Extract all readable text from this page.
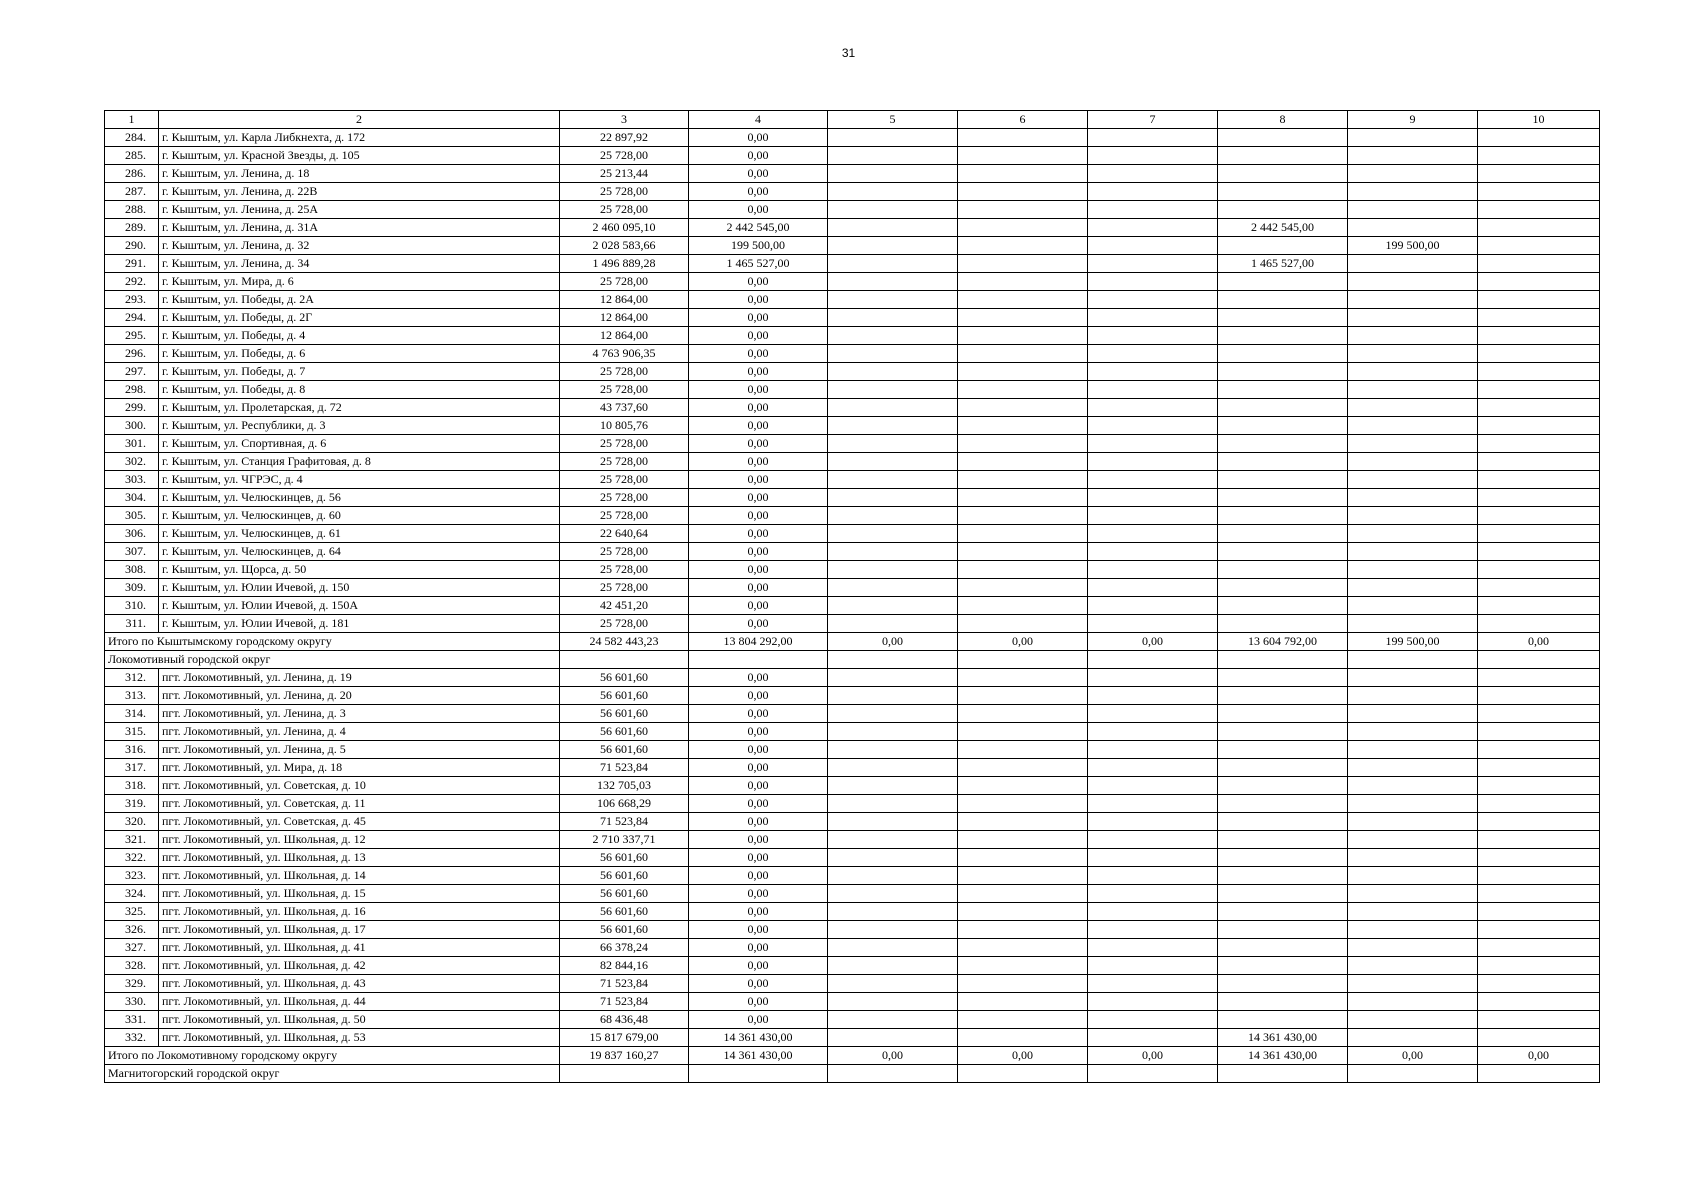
31
1	2	3	4	5	6	7	8	9	10
284.	г. Кыштым, ул. Карла Либкнехта, д. 172	22 897,92	0,00						
285.	г. Кыштым, ул. Красной Звезды, д. 105	25 728,00	0,00						
286.	г. Кыштым, ул. Ленина, д. 18	25 213,44	0,00						
287.	г. Кыштым, ул. Ленина, д. 22В	25 728,00	0,00						
288.	г. Кыштым, ул. Ленина, д. 25А	25 728,00	0,00						
289.	г. Кыштым, ул. Ленина, д. 31А	2 460 095,10	2 442 545,00				2 442 545,00		
290.	г. Кыштым, ул. Ленина, д. 32	2 028 583,66	199 500,00					199 500,00	
291.	г. Кыштым, ул. Ленина, д. 34	1 496 889,28	1 465 527,00				1 465 527,00		
292.	г. Кыштым, ул. Мира, д. 6	25 728,00	0,00						
293.	г. Кыштым, ул. Победы, д. 2А	12 864,00	0,00						
294.	г. Кыштым, ул. Победы, д. 2Г	12 864,00	0,00						
295.	г. Кыштым, ул. Победы, д. 4	12 864,00	0,00						
296.	г. Кыштым, ул. Победы, д. 6	4 763 906,35	0,00						
297.	г. Кыштым, ул. Победы, д. 7	25 728,00	0,00						
298.	г. Кыштым, ул. Победы, д. 8	25 728,00	0,00						
299.	г. Кыштым, ул. Пролетарская, д. 72	43 737,60	0,00						
300.	г. Кыштым, ул. Республики, д. 3	10 805,76	0,00						
301.	г. Кыштым, ул. Спортивная, д. 6	25 728,00	0,00						
302.	г. Кыштым, ул. Станция Графитовая, д. 8	25 728,00	0,00						
303.	г. Кыштым, ул. ЧГРЭС, д. 4	25 728,00	0,00						
304.	г. Кыштым, ул. Челюскинцев, д. 56	25 728,00	0,00						
305.	г. Кыштым, ул. Челюскинцев, д. 60	25 728,00	0,00						
306.	г. Кыштым, ул. Челюскинцев, д. 61	22 640,64	0,00						
307.	г. Кыштым, ул. Челюскинцев, д. 64	25 728,00	0,00						
308.	г. Кыштым, ул. Щорса, д. 50	25 728,00	0,00						
309.	г. Кыштым, ул. Юлии Ичевой, д. 150	25 728,00	0,00						
310.	г. Кыштым, ул. Юлии Ичевой, д. 150А	42 451,20	0,00						
311.	г. Кыштым, ул. Юлии Ичевой, д. 181	25 728,00	0,00						
Итого по Кыштымскому городскому округу		24 582 443,23	13 804 292,00	0,00	0,00	0,00	13 604 792,00	199 500,00	0,00
Локомотивный городской округ									
312.	пгт. Локомотивный, ул. Ленина, д. 19	56 601,60	0,00						
313.	пгт. Локомотивный, ул. Ленина, д. 20	56 601,60	0,00						
314.	пгт. Локомотивный, ул. Ленина, д. 3	56 601,60	0,00						
315.	пгт. Локомотивный, ул. Ленина, д. 4	56 601,60	0,00						
316.	пгт. Локомотивный, ул. Ленина, д. 5	56 601,60	0,00						
317.	пгт. Локомотивный, ул. Мира, д. 18	71 523,84	0,00						
318.	пгт. Локомотивный, ул. Советская, д. 10	132 705,03	0,00						
319.	пгт. Локомотивный, ул. Советская, д. 11	106 668,29	0,00						
320.	пгт. Локомотивный, ул. Советская, д. 45	71 523,84	0,00						
321.	пгт. Локомотивный, ул. Школьная, д. 12	2 710 337,71	0,00						
322.	пгт. Локомотивный, ул. Школьная, д. 13	56 601,60	0,00						
323.	пгт. Локомотивный, ул. Школьная, д. 14	56 601,60	0,00						
324.	пгт. Локомотивный, ул. Школьная, д. 15	56 601,60	0,00						
325.	пгт. Локомотивный, ул. Школьная, д. 16	56 601,60	0,00						
326.	пгт. Локомотивный, ул. Школьная, д. 17	56 601,60	0,00						
327.	пгт. Локомотивный, ул. Школьная, д. 41	66 378,24	0,00						
328.	пгт. Локомотивный, ул. Школьная, д. 42	82 844,16	0,00						
329.	пгт. Локомотивный, ул. Школьная, д. 43	71 523,84	0,00						
330.	пгт. Локомотивный, ул. Школьная, д. 44	71 523,84	0,00						
331.	пгт. Локомотивный, ул. Школьная, д. 50	68 436,48	0,00						
332.	пгт. Локомотивный, ул. Школьная, д. 53	15 817 679,00	14 361 430,00				14 361 430,00		
Итого по Локомотивному городскому округу		19 837 160,27	14 361 430,00	0,00	0,00	0,00	14 361 430,00	0,00	0,00
Магнитогорский городской округ									
